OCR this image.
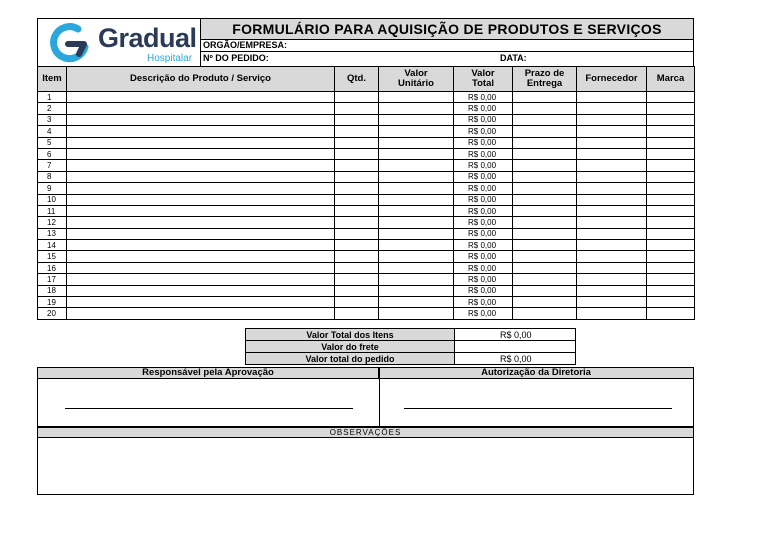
Gradual
Hospitalar
FORMULÁRIO PARA AQUISIÇÃO DE PRODUTOS E SERVIÇOS
ORGÃO/EMPRESA:
Nº DO PEDIDO:	DATA:
Item	Descrição do Produto / Serviço	Qtd.	Valor Unitário	Valor Total	Prazo de Entrega	Fornecedor	Marca
1				R$ 0,00			
2				R$ 0,00			
3				R$ 0,00			
4				R$ 0,00			
5				R$ 0,00			
6				R$ 0,00			
7				R$ 0,00			
8				R$ 0,00			
9				R$ 0,00			
10				R$ 0,00			
11				R$ 0,00			
12				R$ 0,00			
13				R$ 0,00			
14				R$ 0,00			
15				R$ 0,00			
16				R$ 0,00			
17				R$ 0,00			
18				R$ 0,00			
19				R$ 0,00			
20				R$ 0,00			
Valor Total dos Itens	R$ 0,00
Valor do frete	
Valor total do pedido	R$ 0,00
Responsável pela Aprovação	Autorização da Diretoria
OBSERVAÇÕES
